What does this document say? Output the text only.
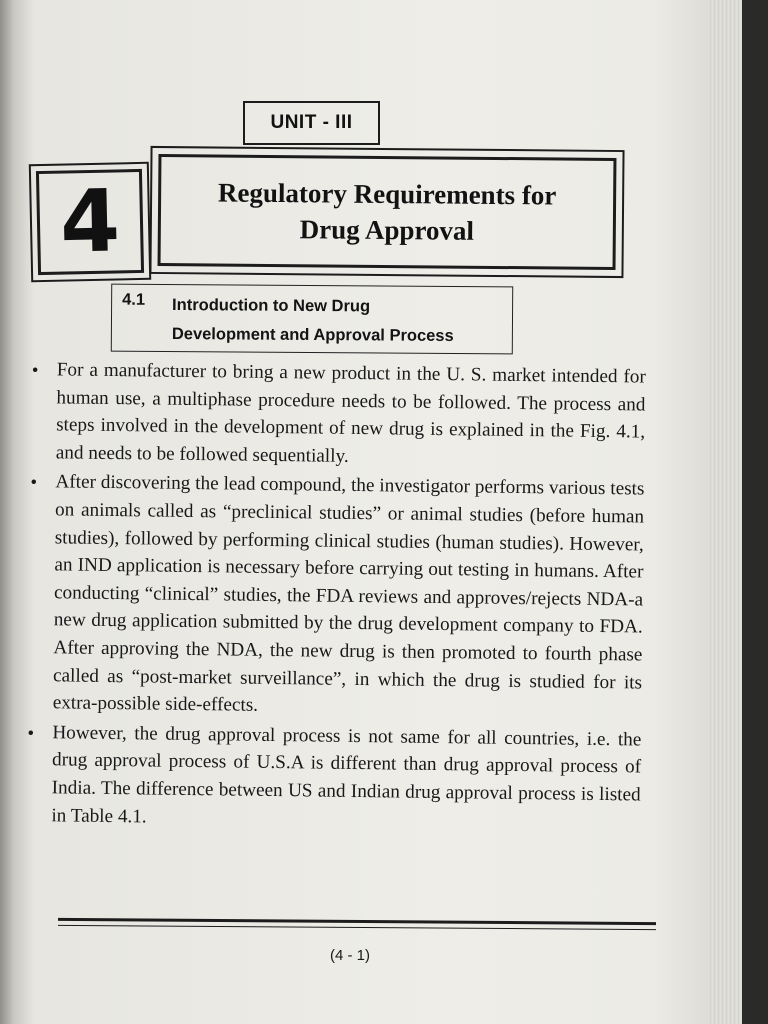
UNIT - III
4	Regulatory Requirements for
Drug Approval
4.1 Introduction to New Drug
Development and Approval Process
• For a manufacturer to bring a new product in the U. S. market intended for human use, a multiphase procedure needs to be followed. The process and steps involved in the development of new drug is explained in the Fig. 4.1, and needs to be followed sequentially.
• After discovering the lead compound, the investigator performs various tests on animals called as “preclinical studies” or animal studies (before human studies), followed by performing clinical studies (human studies). However, an IND application is necessary before carrying out testing in humans. After conducting “clinical” studies, the FDA reviews and approves/rejects NDA-a new drug application submitted by the drug development company to FDA. After approving the NDA, the new drug is then promoted to fourth phase called as “post-market surveillance”, in which the drug is studied for its extra-possible side-effects.
• However, the drug approval process is not same for all countries, i.e. the drug approval process of U.S.A is different than drug approval process of India. The difference between US and Indian drug approval process is listed in Table 4.1.
(4 - 1)
